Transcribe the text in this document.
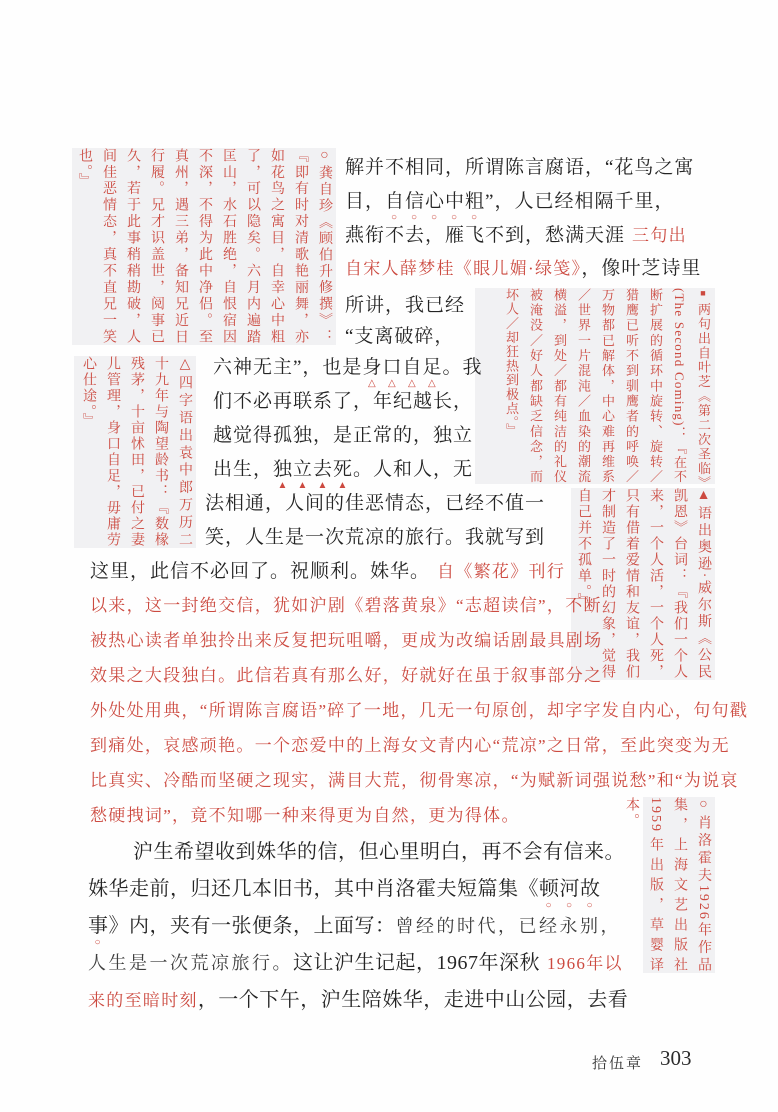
○龚自珍《顾伯升修撰》：『即有时对清歌艳丽舞，亦如花鸟之寓目，自幸心中粗了，可以隐矣。六月内遍踏匡山，水石胜绝，自恨宿因不深，不得为此中净侣。至真州，遇三弟，备知兄近日行履。兄才识盖世，阅事已久，若于此事稍稍勘破，人间佳恶情态，真不直兄一笑也。』
△四字语出袁中郎万历二十九年与陶望龄书：『数椽残茅，十亩怵田，已付之妻儿管理，身口自足，毋庸劳心仕途。』
■两句出自叶芝《第二次圣临》(The Second Coming)：『在不断扩展的循环中旋转、旋转／猎鹰已听不到驯鹰者的呼唤／万物都已解体，中心难再维系／世界一片混沌／血染的潮流横溢，到处／都有纯洁的礼仪被淹没／好人都缺乏信念，而坏人／却狂热到极点。』
▲语出奥逊·威尔斯《公民凯恩》台词：『我们一个人来，一个人活，一个人死，只有借着爱情和友谊，我们才制造了一时的幻象，觉得自己并不孤单。』
○肖洛霍夫1926年作品集，上海文艺出版社1959年出版，草婴译本。
解并不相同，所谓陈言腐语，“花鸟之寓
目，自信心中粗”，人已经相隔千里，
燕衔不去，雁飞不到，愁满天涯 三句出
自宋人薛梦桂《眼儿媚·绿笺》，像叶芝诗里
所讲，我已经
“支离破碎，
六神无主”，也是身口自足。我
们不必再联系了，年纪越长，
越觉得孤独，是正常的，独立
出生，独立去死。人和人，无
法相通，人间的佳恶情态，已经不值一
笑，人生是一次荒凉的旅行。我就写到
这里，此信不必回了。祝顺利。姝华。 自《繁花》刊行
以来，这一封绝交信，犹如沪剧《碧落黄泉》“志超读信”，不断
被热心读者单独拎出来反复把玩咀嚼，更成为改编话剧最具剧场
效果之大段独白。此信若真有那么好，好就好在虽于叙事部分之
外处处用典，“所谓陈言腐语”碎了一地，几无一句原创，却字字发自内心，句句戳
到痛处，哀感顽艳。一个恋爱中的上海女文青内心“荒凉”之日常，至此突变为无
比真实、冷酷而坚硬之现实，满目大荒，彻骨寒凉，“为赋新词强说愁”和“为说哀
愁硬拽词”，竟不知哪一种来得更为自然，更为得体。
沪生希望收到姝华的信，但心里明白，再不会有信来。
姝华走前，归还几本旧书，其中肖洛霍夫短篇集《顿河故
事》内，夹有一张便条，上面写：曾经的时代，已经永别，
人生是一次荒凉旅行。这让沪生记起，1967年深秋 1966年以
来的至暗时刻，一个下午，沪生陪姝华，走进中山公园，去看
拾伍章 303
